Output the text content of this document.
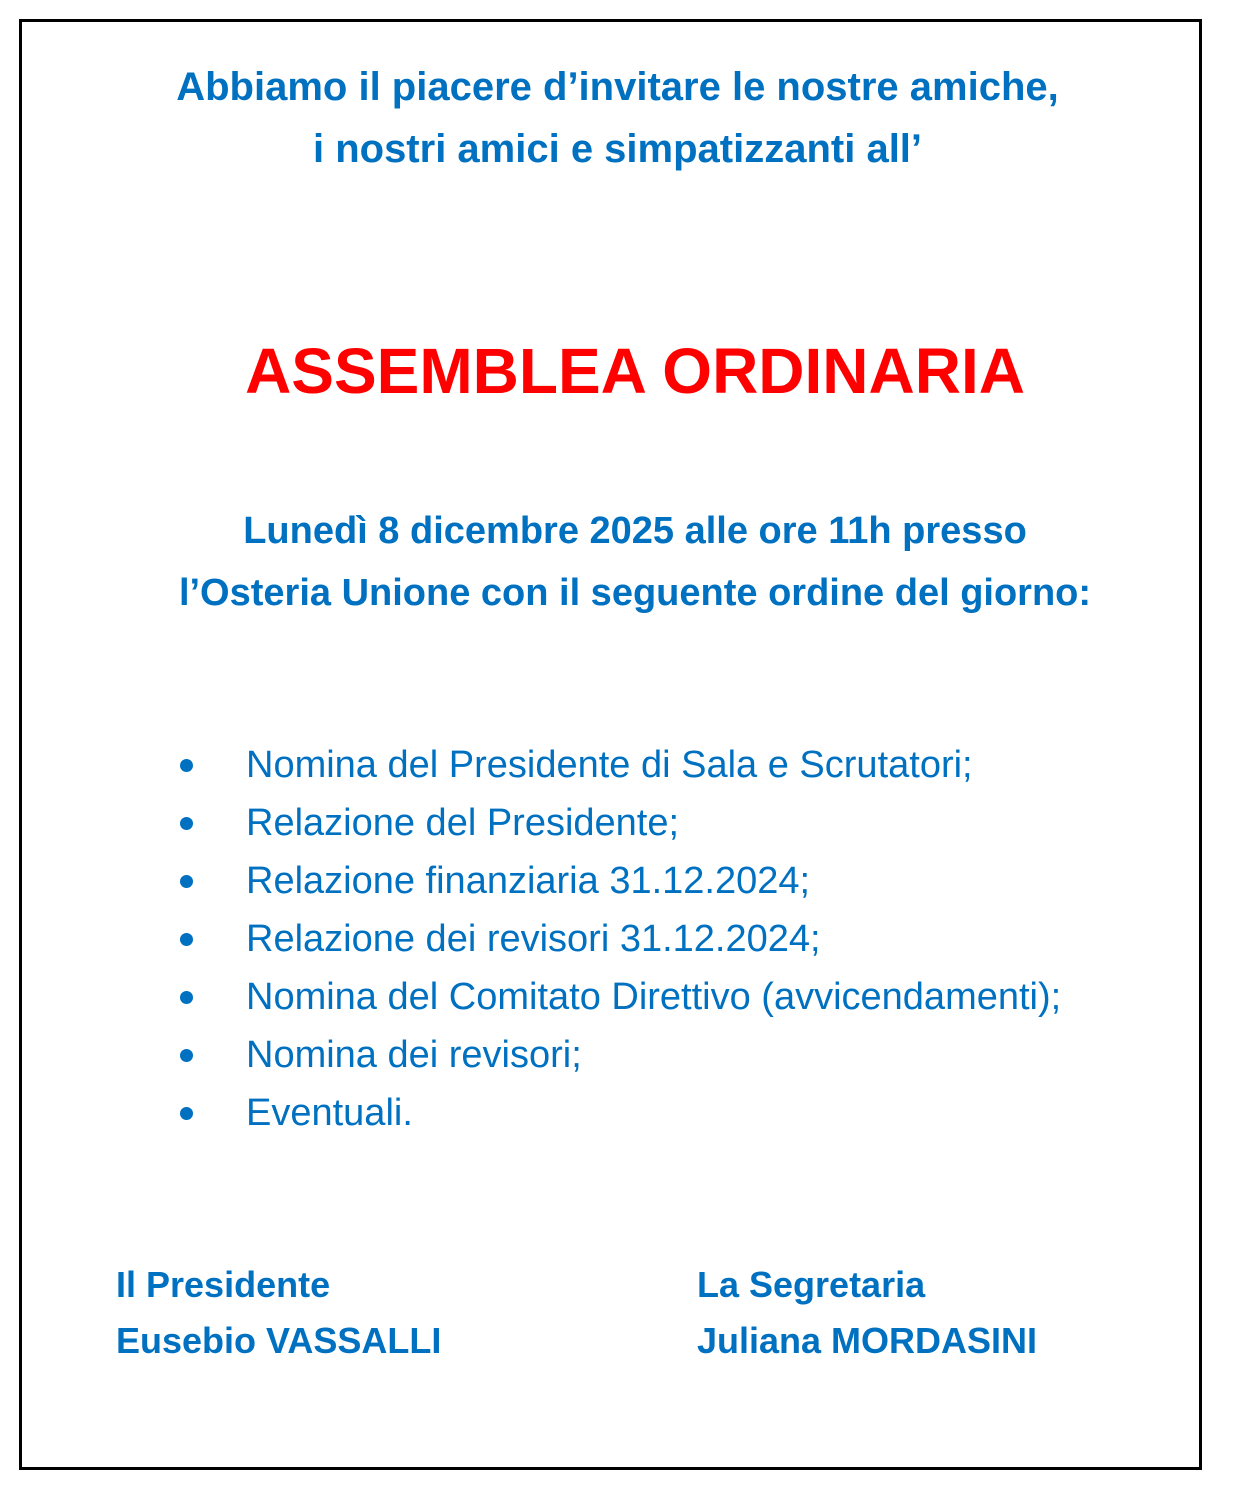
Abbiamo il piacere d’invitare le nostre amiche,
i nostri amici e simpatizzanti all’
ASSEMBLEA ORDINARIA
Lunedì 8 dicembre 2025 alle ore 11h presso
l’Osteria Unione con il seguente ordine del giorno:
Nomina del Presidente di Sala e Scrutatori;
Relazione del Presidente;
Relazione finanziaria 31.12.2024;
Relazione dei revisori 31.12.2024;
Nomina del Comitato Direttivo (avvicendamenti);
Nomina dei revisori;
Eventuali.
Il Presidente
Eusebio VASSALLI
La Segretaria
Juliana MORDASINI
